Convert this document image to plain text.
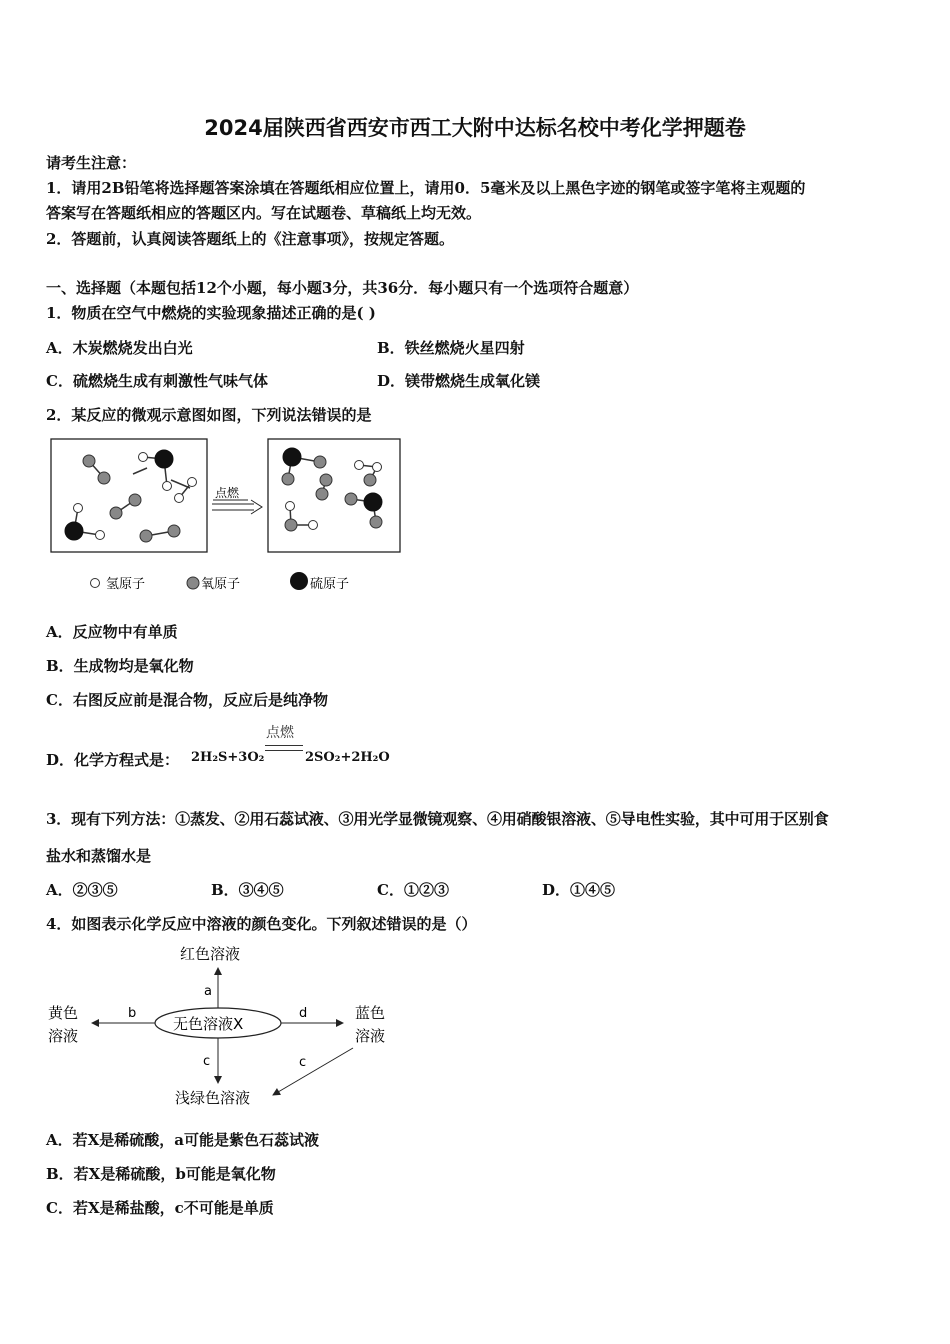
2024届陕西省西安市西工大附中达标名校中考化学押题卷
请考生注意：
1．请用2B铅笔将选择题答案涂填在答题纸相应位置上，请用0．5毫米及以上黑色字迹的钢笔或签字笔将主观题的
答案写在答题纸相应的答题区内。写在试题卷、草稿纸上均无效。
2．答题前，认真阅读答题纸上的《注意事项》，按规定答题。
一、选择题（本题包括12个小题，每小题3分，共36分．每小题只有一个选项符合题意）
1．物质在空气中燃烧的实验现象描述正确的是( )
A．木炭燃烧发出白光	B．铁丝燃烧火星四射
C．硫燃烧生成有刺激性气味气体	D．镁带燃烧生成氧化镁
2．某反应的微观示意图如图，下列说法错误的是
点燃
氢原子	氧原子	硫原子
A．反应物中有单质
B．生成物均是氧化物
C．右图反应前是混合物，反应后是纯净物
D．化学方程式是：
点燃
2H₂S+3O₂	2SO₂+2H₂O
3．现有下列方法：①蒸发、②用石蕊试液、③用光学显微镜观察、④用硝酸银溶液、⑤导电性实验，其中可用于区别食
盐水和蒸馏水是
A．②③⑤	B．③④⑤	C．①②③	D．①④⑤
4．如图表示化学反应中溶液的颜色变化。下列叙述错误的是（）
红色溶液
黄色
溶液
蓝色
溶液
浅绿色溶液
无色溶液X
a
b	d
c	c
A．若X是稀硫酸，a可能是紫色石蕊试液
B．若X是稀硫酸，b可能是氧化物
C．若X是稀盐酸，c不可能是单质
